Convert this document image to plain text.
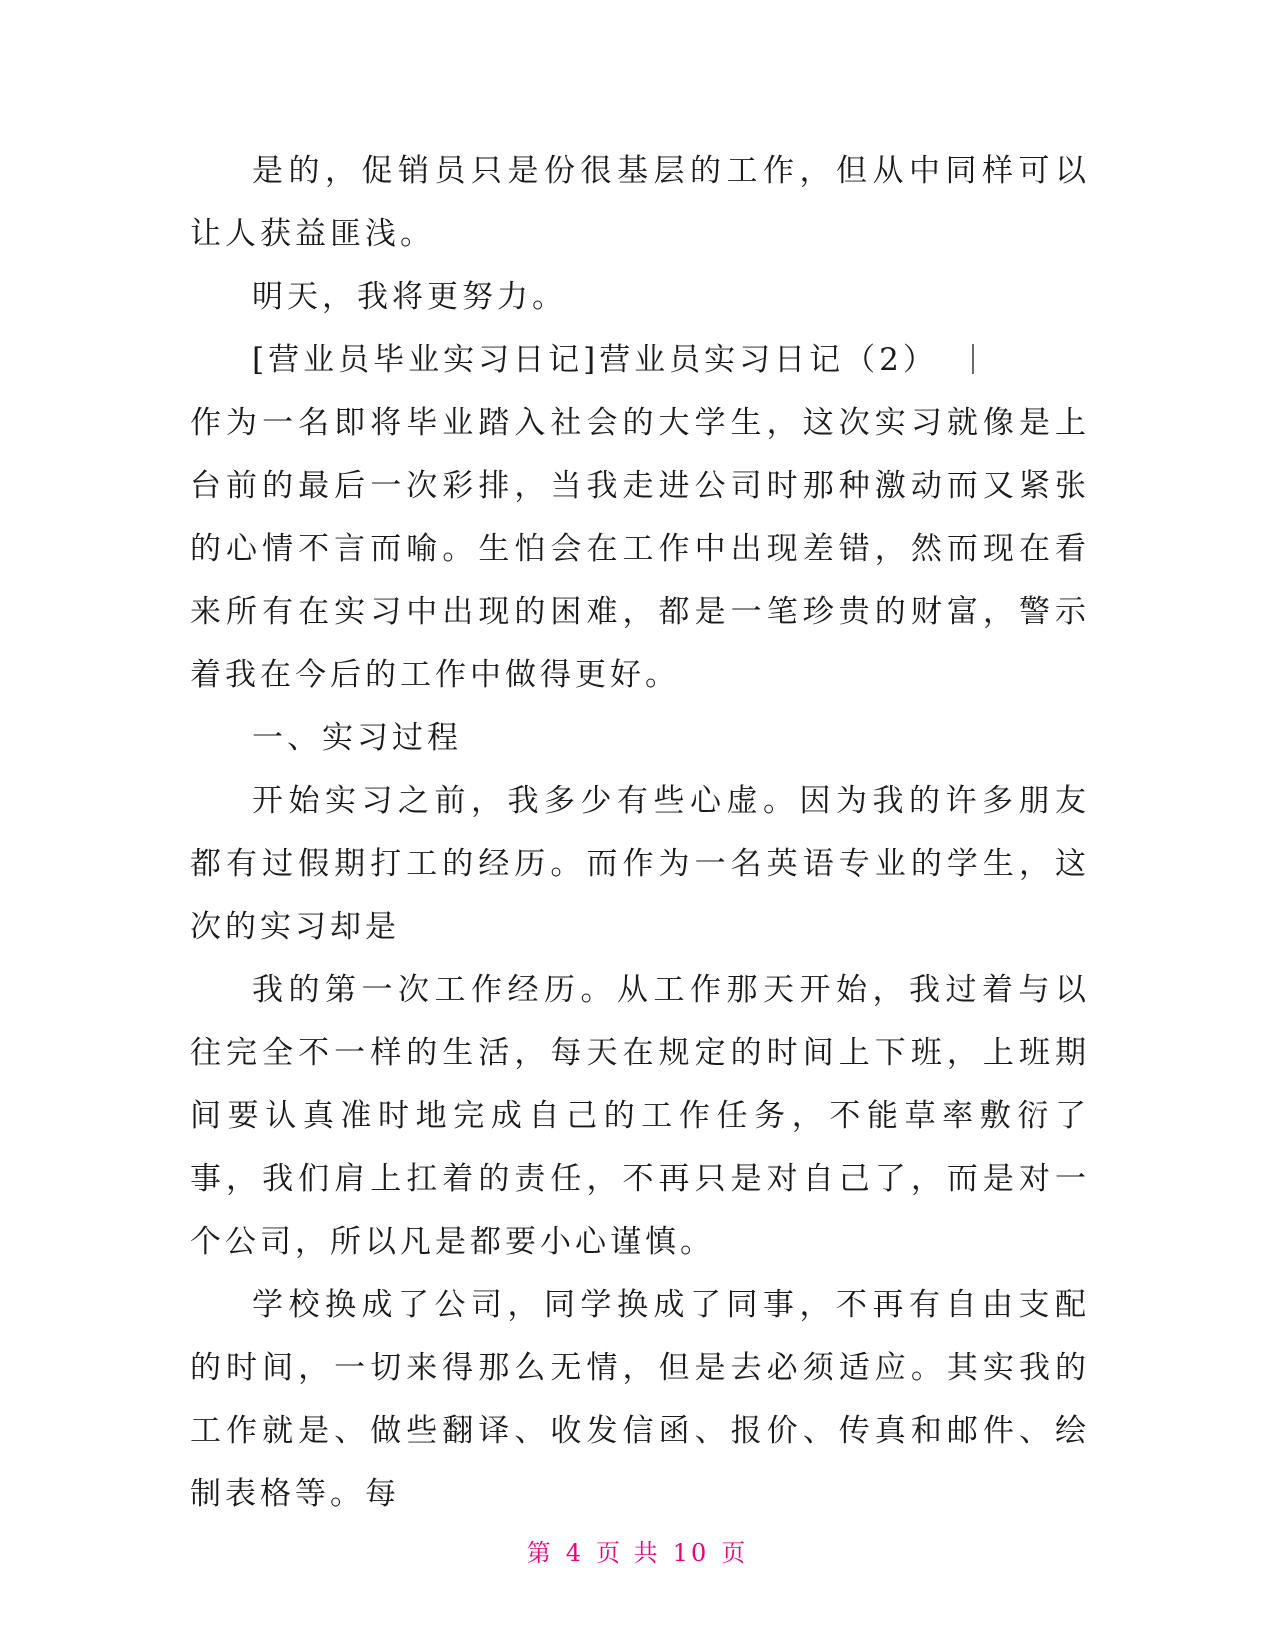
是的，促销员只是份很基层的工作，但从中同样可以让人获益匪浅。

明天，我将更努力。

[营业员毕业实习日记]营业员实习日记（2）

作为一名即将毕业踏入社会的大学生，这次实习就像是上台前的最后一次彩排，当我走进公司时那种激动而又紧张的心情不言而喻。生怕会在工作中出现差错，然而现在看来所有在实习中出现的困难，都是一笔珍贵的财富，警示着我在今后的工作中做得更好。

一、实习过程

开始实习之前，我多少有些心虚。因为我的许多朋友都有过假期打工的经历。而作为一名英语专业的学生，这次的实习却是

我的第一次工作经历。从工作那天开始，我过着与以往完全不一样的生活，每天在规定的时间上下班，上班期间要认真准时地完成自己的工作任务，不能草率敷衍了事，我们肩上扛着的责任，不再只是对自己了，而是对一个公司，所以凡是都要小心谨慎。

学校换成了公司，同学换成了同事，不再有自由支配的时间，一切来得那么无情，但是去必须适应。其实我的工作就是、做些翻译、收发信函、报价、传真和邮件、绘制表格等。每

第 4 页 共 10 页
